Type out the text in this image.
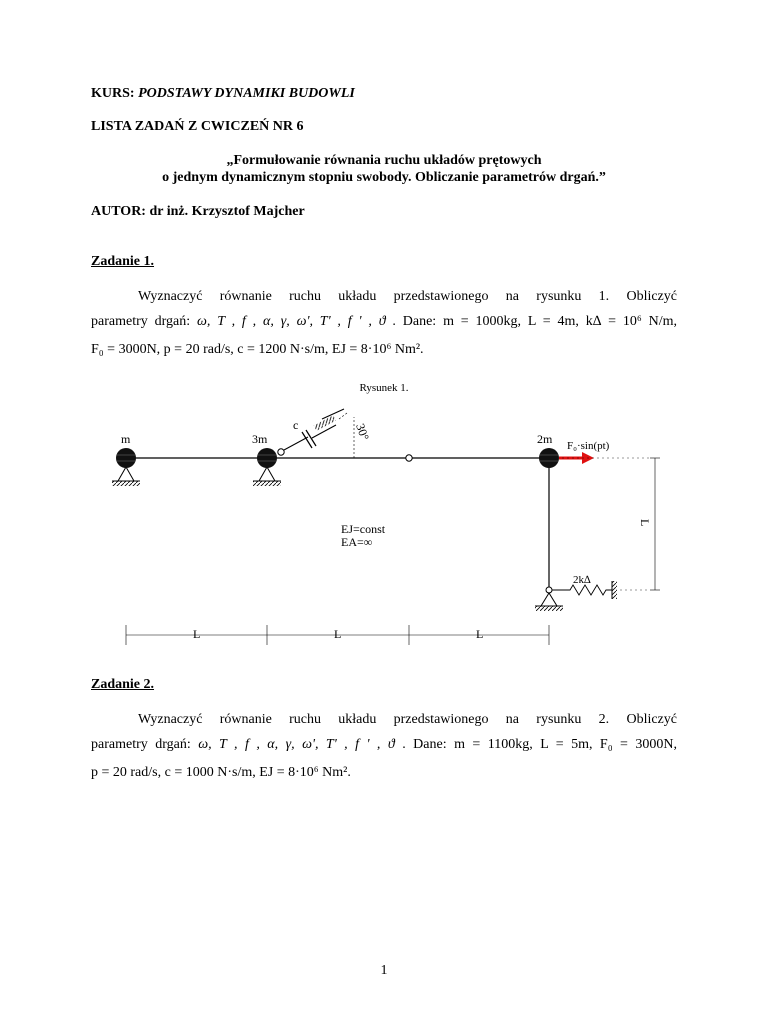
KURS: PODSTAWY DYNAMIKI BUDOWLI
LISTA ZADAŃ Z CWICZEŃ NR 6
„Formułowanie równania ruchu układów prętowych
o jednym dynamicznym stopniu swobody. Obliczanie parametrów drgań.”
AUTOR: dr inż. Krzysztof Majcher
Zadanie 1.
Wyznaczyć równanie ruchu układu przedstawionego na rysunku 1. Obliczyć
parametry drgań: ω, T , f , α, γ, ω', T' , f ' , ϑ . Dane: m = 1000kg, L = 4m, k∆ = 10⁶ N/m,
F₀ = 3000N, p = 20 rad/s, c = 1200 N·s/m, EJ = 8·10⁶ Nm².
Rysunek 1.
m	3m	2m
c	30°
F₀·sin(pt)
EJ=const
EA=∞
L
2k∆
L	L	L
Zadanie 2.
Wyznaczyć równanie ruchu układu przedstawionego na rysunku 2. Obliczyć
parametry drgań: ω, T , f , α, γ, ω', T' , f ' , ϑ . Dane: m = 1100kg, L = 5m, F₀ = 3000N,
p = 20 rad/s, c = 1000 N·s/m, EJ = 8·10⁶ Nm².
1
